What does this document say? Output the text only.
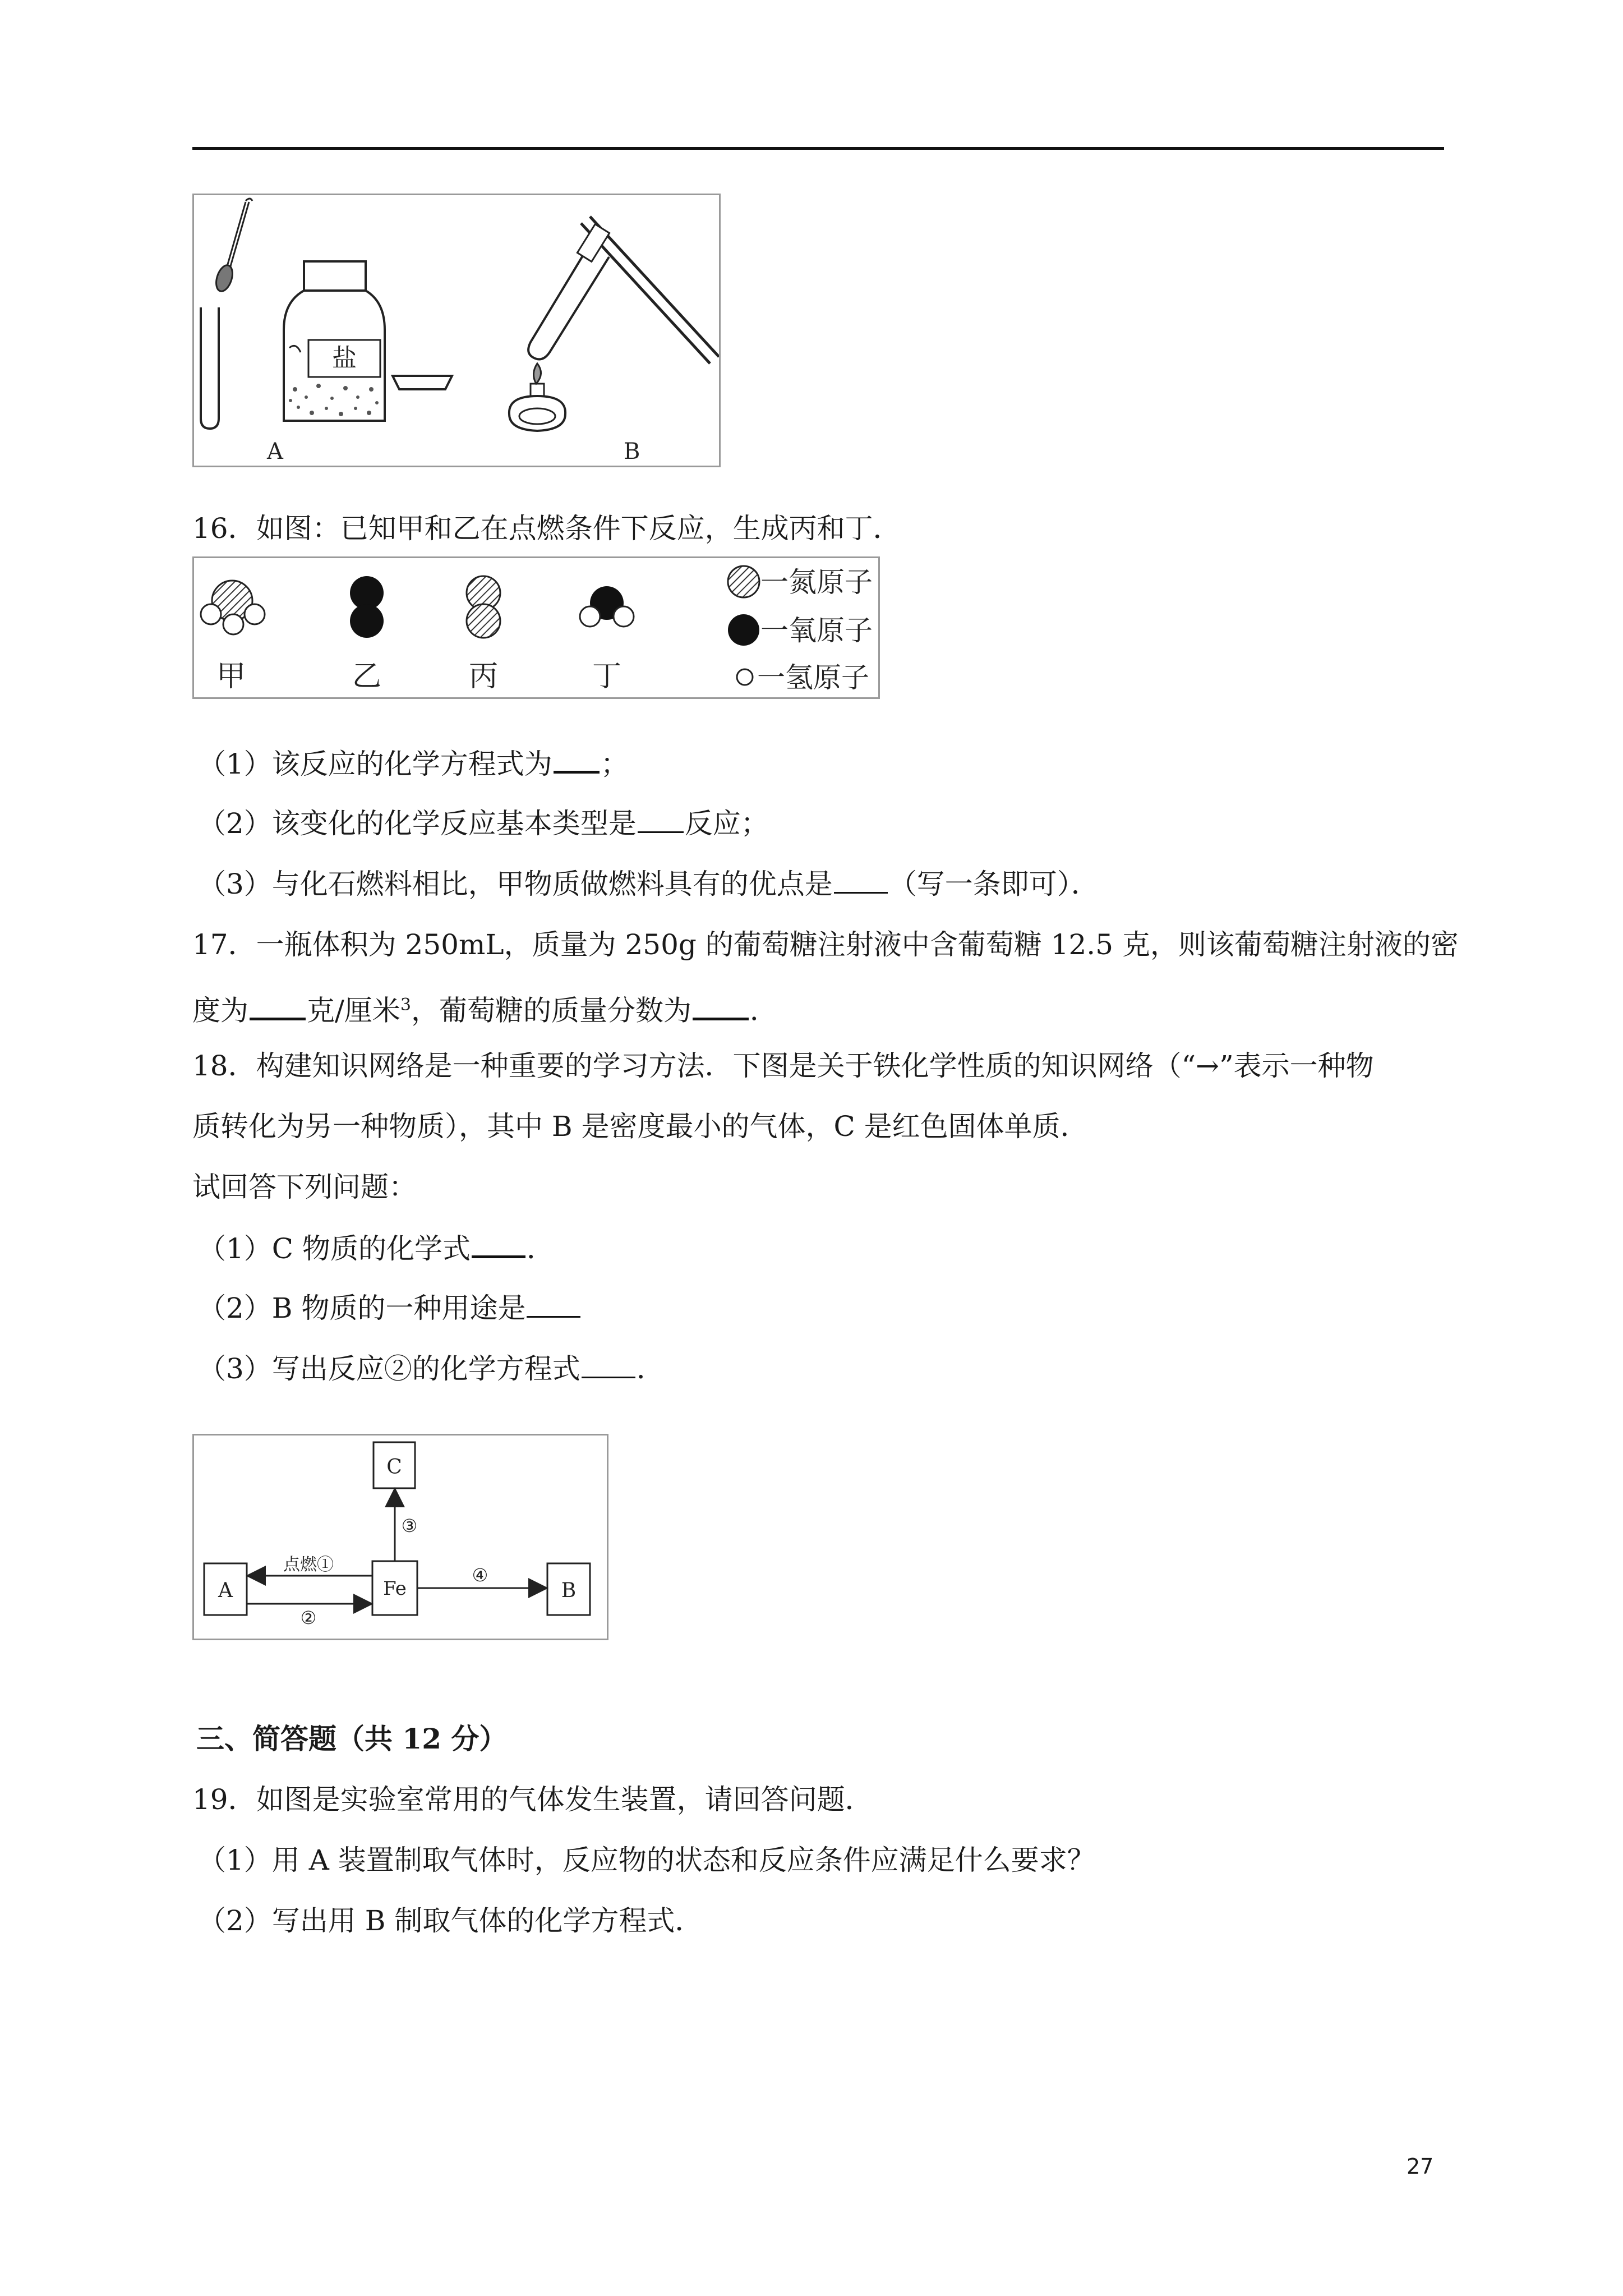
盐
A	B
16．如图：已知甲和乙在点燃条件下反应，生成丙和丁．
甲	乙	丙	丁
一氮原子
一氧原子
一氢原子
（1）该反应的化学方程式为 ；
（2）该变化的化学反应基本类型是 反应；
（3）与化石燃料相比，甲物质做燃料具有的优点是 （写一条即可）．
17．一瓶体积为 250mL，质量为 250g 的葡萄糖注射液中含葡萄糖 12.5 克，则该葡萄糖注射液的密
度为 克/厘米$^3$，葡萄糖的质量分数为 ．
18．构建知识网络是一种重要的学习方法．下图是关于铁化学性质的知识网络（“→”表示一种物
质转化为另一种物质），其中 B 是密度最小的气体，C 是红色固体单质．
试回答下列问题：
（1）C 物质的化学式 ．
（2）B 物质的一种用途是
（3）写出反应②的化学方程式 ．
C
A	Fe	B
点燃①
②
③
④
三、简答题（共 12 分）
19．如图是实验室常用的气体发生装置，请回答问题．
（1）用 A 装置制取气体时，反应物的状态和反应条件应满足什么要求？
（2）写出用 B 制取气体的化学方程式．
27
